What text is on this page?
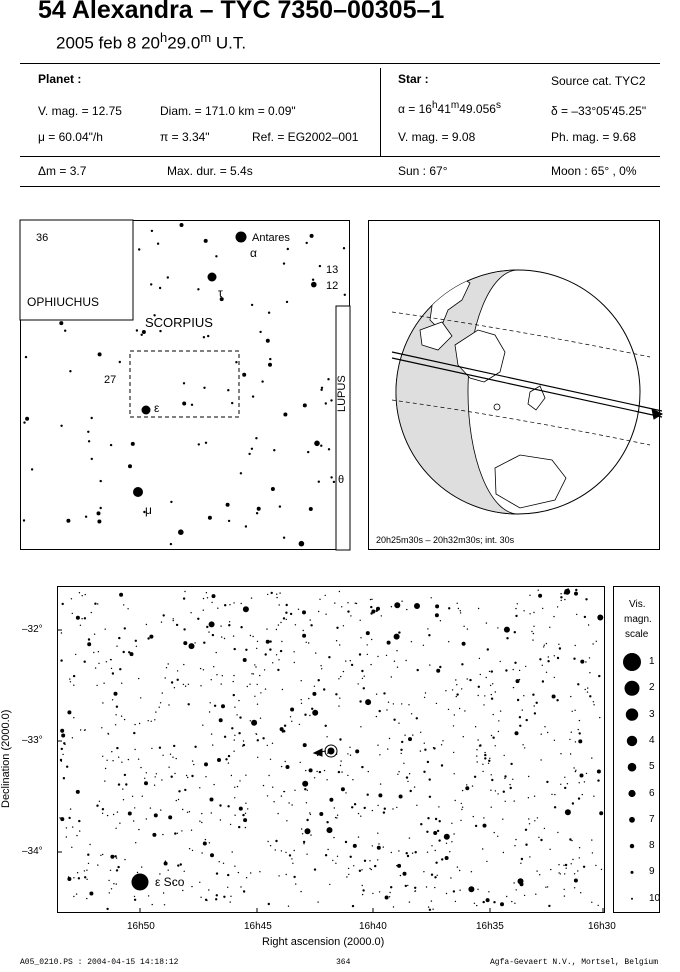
54 Alexandra – TYC 7350–00305–1
2005 feb 8 20$^h$29.0$^m$ U.T.
Planet :
V. mag. = 12.75	Diam. = 171.0 km = 0.09"
μ = 60.04"/h	π = 3.34"	Ref. = EG2002–001
Δm = 3.7	Max. dur. = 5.4s
Star :	Source cat. TYC2
$\alpha = 16^h41^m49.056^s$	δ = –33°05'45.25"
V. mag. = 9.08	Ph. mag. = 9.68
Sun : 67°	Moon : 65° , 0%
36	Antares
α
τ
13
12
OPHIUCHUS
SCORPIUS
27
ε
μ
θ
LUPUS
20h25m30s – 20h32m30s; int. 30s
ε Sco
–32°
–33°
–34°
16h50	16h45	16h40	16h35	16h30
Right ascension (2000.0)
Declination (2000.0)
Vis.
magn.
scale
1
2
3
4
5
6
7
8
9
10
A05_0210.PS : 2004-04-15 14:18:12	364	Agfa-Gevaert N.V., Mortsel, Belgium
